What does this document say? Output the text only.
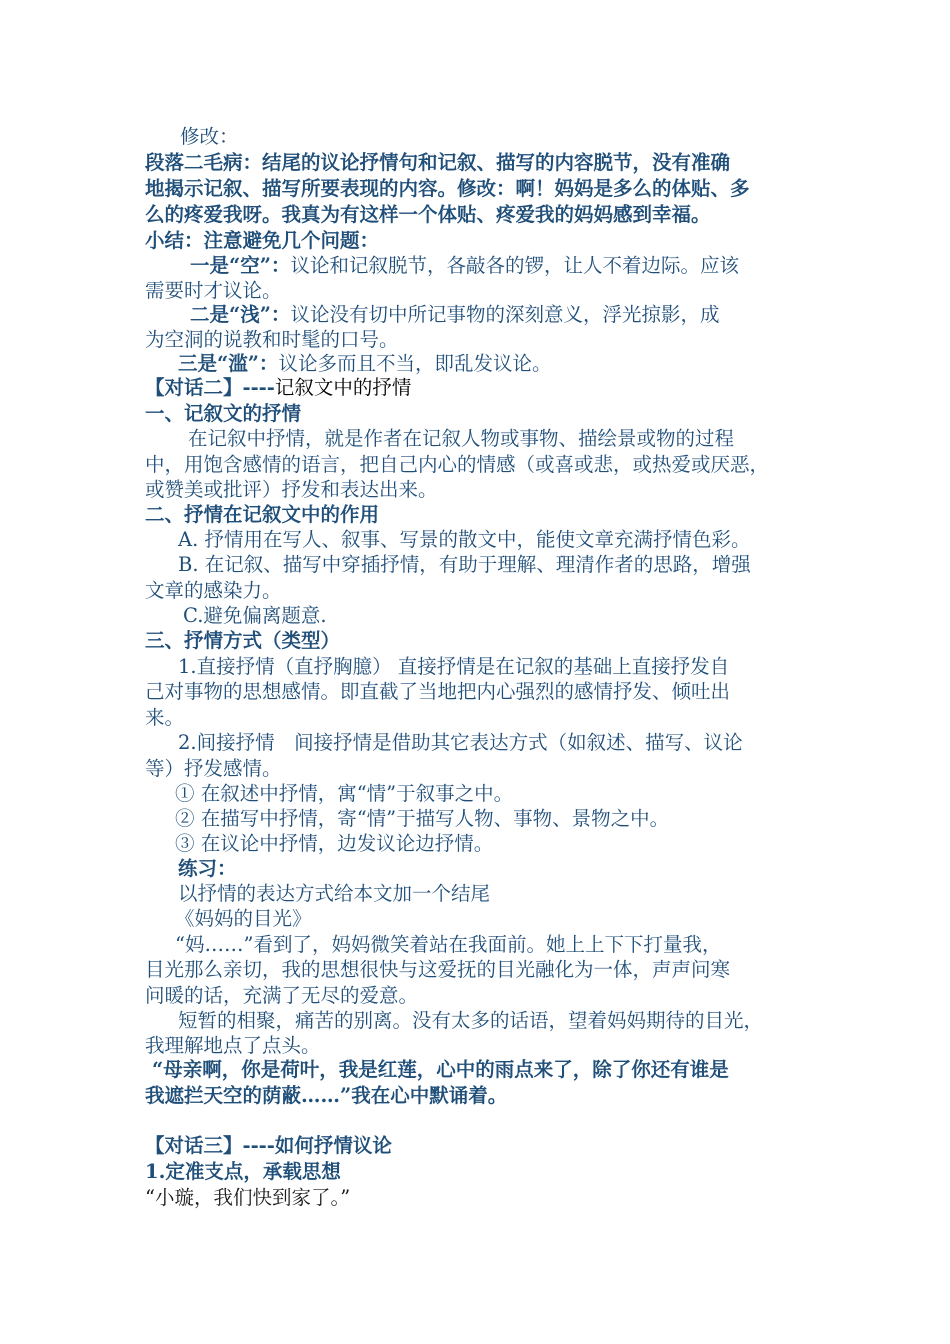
修改：
段落二毛病：结尾的议论抒情句和记叙、描写的内容脱节，没有准确
地揭示记叙、描写所要表现的内容。修改：啊！妈妈是多么的体贴、多
么的疼爱我呀。我真为有这样一个体贴、疼爱我的妈妈感到幸福。
小结：注意避免几个问题：
一是“空”：议论和记叙脱节，各敲各的锣，让人不着边际。应该
需要时才议论。
二是“浅”：议论没有切中所记事物的深刻意义，浮光掠影，成
为空洞的说教和时髦的口号。
三是“滥”：议论多而且不当，即乱发议论。
【对话二】----记叙文中的抒情
一、记叙文的抒情
在记叙中抒情，就是作者在记叙人物或事物、描绘景或物的过程
中，用饱含感情的语言，把自己内心的情感（或喜或悲，或热爱或厌恶，
或赞美或批评）抒发和表达出来。
二、抒情在记叙文中的作用
A. 抒情用在写人、叙事、写景的散文中，能使文章充满抒情色彩。
B. 在记叙、描写中穿插抒情，有助于理解、理清作者的思路，增强
文章的感染力。
C.避免偏离题意.
三、抒情方式（类型）
1.直接抒情（直抒胸臆） 直接抒情是在记叙的基础上直接抒发自
己对事物的思想感情。即直截了当地把内心强烈的感情抒发、倾吐出
来。
2.间接抒情　间接抒情是借助其它表达方式（如叙述、描写、议论
等）抒发感情。
① 在叙述中抒情，寓“情”于叙事之中。
② 在描写中抒情，寄“情”于描写人物、事物、景物之中。
③ 在议论中抒情，边发议论边抒情。
练习：
以抒情的表达方式给本文加一个结尾
《妈妈的目光》
“妈……”看到了，妈妈微笑着站在我面前。她上上下下打量我，
目光那么亲切，我的思想很快与这爱抚的目光融化为一体，声声问寒
问暖的话，充满了无尽的爱意。
短暂的相聚，痛苦的别离。没有太多的话语，望着妈妈期待的目光，
我理解地点了点头。
“母亲啊，你是荷叶，我是红莲，心中的雨点来了，除了你还有谁是
我遮拦天空的荫蔽……”我在心中默诵着。
【对话三】----如何抒情议论
1.定准支点，承载思想
“小璇，我们快到家了。”
